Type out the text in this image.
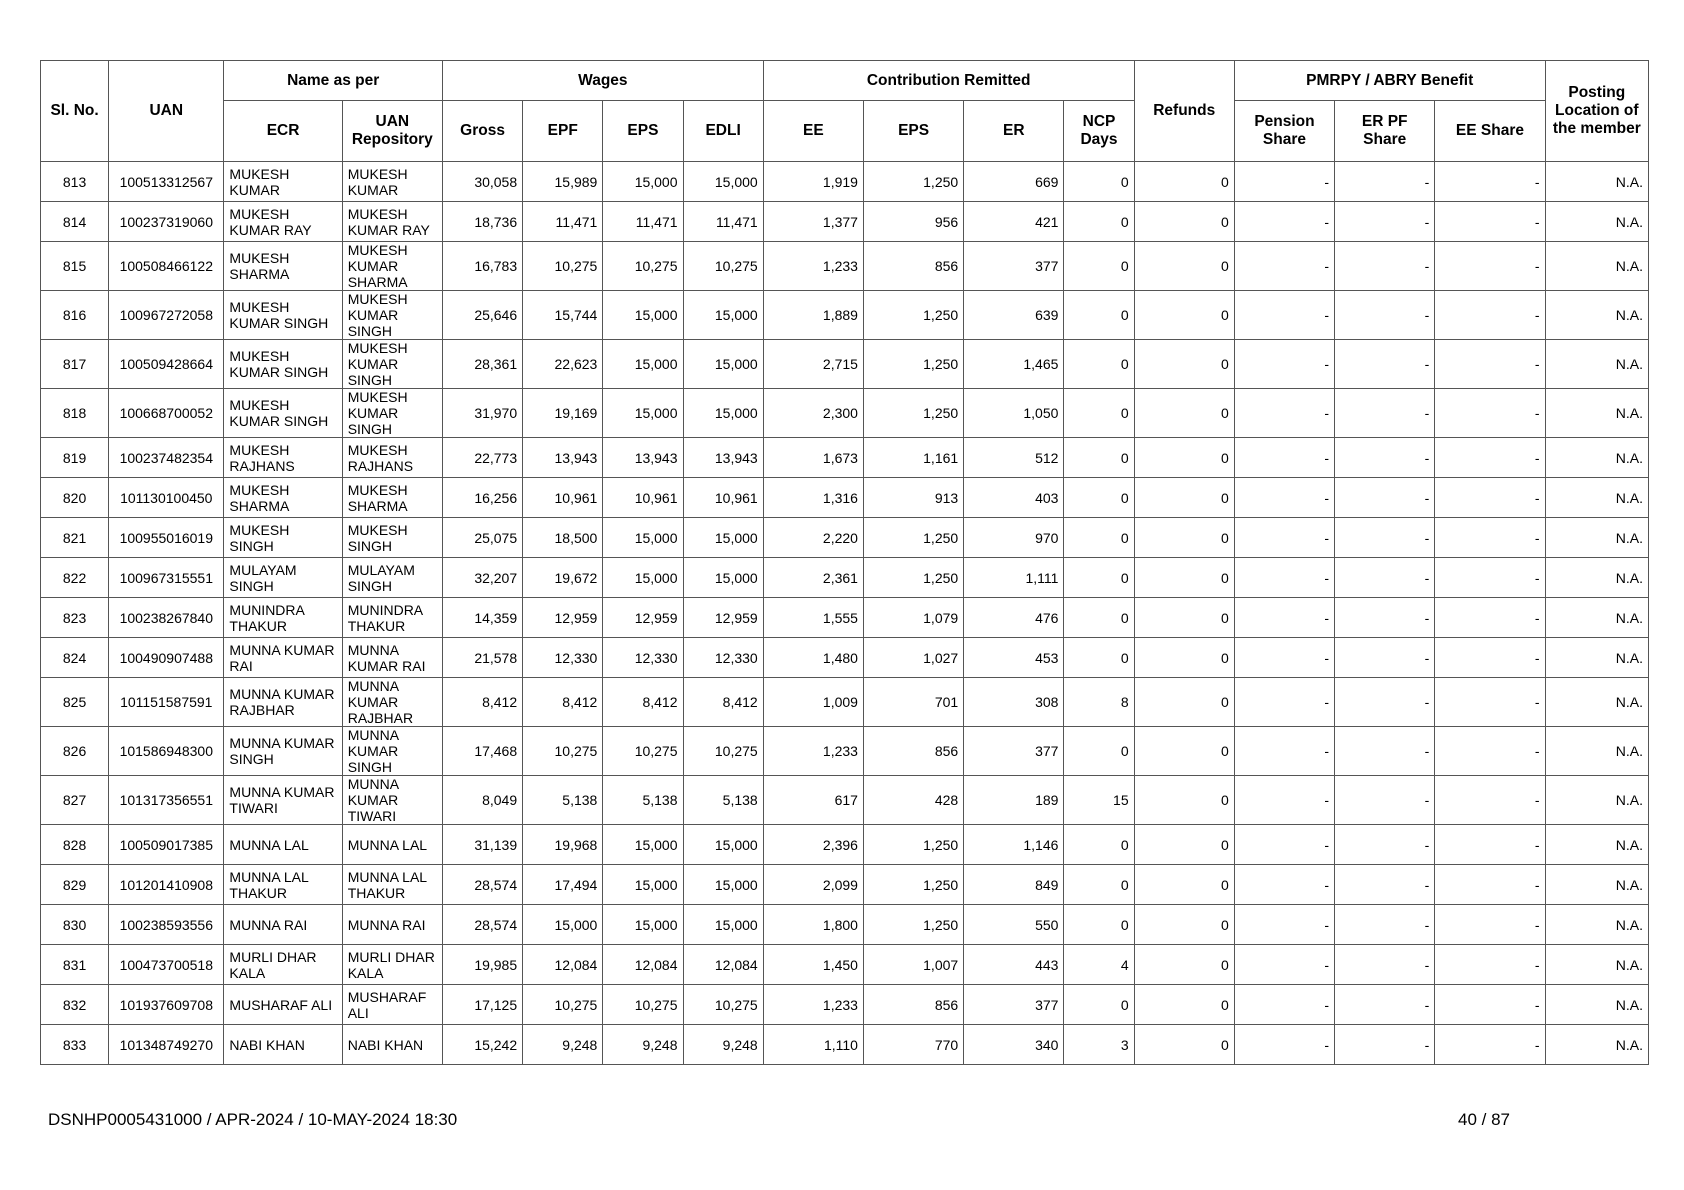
Sl. No.	UAN	Name as per		Wages				Contribution Remitted				Refunds	PMRPY / ABRY Benefit			Posting Location of the member
		ECR	UAN Repository	Gross	EPF	EPS	EDLI	EE	EPS	ER	NCP Days		Pension Share	ER PF Share	EE Share	
813	100513312567	MUKESH KUMAR	MUKESH KUMAR	30,058	15,989	15,000	15,000	1,919	1,250	669	0	0	-	-	-	N.A.
814	100237319060	MUKESH KUMAR RAY	MUKESH KUMAR RAY	18,736	11,471	11,471	11,471	1,377	956	421	0	0	-	-	-	N.A.
815	100508466122	MUKESH SHARMA	MUKESH KUMAR SHARMA	16,783	10,275	10,275	10,275	1,233	856	377	0	0	-	-	-	N.A.
816	100967272058	MUKESH KUMAR SINGH	MUKESH KUMAR SINGH	25,646	15,744	15,000	15,000	1,889	1,250	639	0	0	-	-	-	N.A.
817	100509428664	MUKESH KUMAR SINGH	MUKESH KUMAR SINGH	28,361	22,623	15,000	15,000	2,715	1,250	1,465	0	0	-	-	-	N.A.
818	100668700052	MUKESH KUMAR SINGH	MUKESH KUMAR SINGH	31,970	19,169	15,000	15,000	2,300	1,250	1,050	0	0	-	-	-	N.A.
819	100237482354	MUKESH RAJHANS	MUKESH RAJHANS	22,773	13,943	13,943	13,943	1,673	1,161	512	0	0	-	-	-	N.A.
820	101130100450	MUKESH SHARMA	MUKESH SHARMA	16,256	10,961	10,961	10,961	1,316	913	403	0	0	-	-	-	N.A.
821	100955016019	MUKESH SINGH	MUKESH SINGH	25,075	18,500	15,000	15,000	2,220	1,250	970	0	0	-	-	-	N.A.
822	100967315551	MULAYAM SINGH	MULAYAM SINGH	32,207	19,672	15,000	15,000	2,361	1,250	1,111	0	0	-	-	-	N.A.
823	100238267840	MUNINDRA THAKUR	MUNINDRA THAKUR	14,359	12,959	12,959	12,959	1,555	1,079	476	0	0	-	-	-	N.A.
824	100490907488	MUNNA KUMAR RAI	MUNNA KUMAR RAI	21,578	12,330	12,330	12,330	1,480	1,027	453	0	0	-	-	-	N.A.
825	101151587591	MUNNA KUMAR RAJBHAR	MUNNA KUMAR RAJBHAR	8,412	8,412	8,412	8,412	1,009	701	308	8	0	-	-	-	N.A.
826	101586948300	MUNNA KUMAR SINGH	MUNNA KUMAR SINGH	17,468	10,275	10,275	10,275	1,233	856	377	0	0	-	-	-	N.A.
827	101317356551	MUNNA KUMAR TIWARI	MUNNA KUMAR TIWARI	8,049	5,138	5,138	5,138	617	428	189	15	0	-	-	-	N.A.
828	100509017385	MUNNA LAL	MUNNA LAL	31,139	19,968	15,000	15,000	2,396	1,250	1,146	0	0	-	-	-	N.A.
829	101201410908	MUNNA LAL THAKUR	MUNNA LAL THAKUR	28,574	17,494	15,000	15,000	2,099	1,250	849	0	0	-	-	-	N.A.
830	100238593556	MUNNA RAI	MUNNA RAI	28,574	15,000	15,000	15,000	1,800	1,250	550	0	0	-	-	-	N.A.
831	100473700518	MURLI DHAR KALA	MURLI DHAR KALA	19,985	12,084	12,084	12,084	1,450	1,007	443	4	0	-	-	-	N.A.
832	101937609708	MUSHARAF ALI	MUSHARAF ALI	17,125	10,275	10,275	10,275	1,233	856	377	0	0	-	-	-	N.A.
833	101348749270	NABI KHAN	NABI KHAN	15,242	9,248	9,248	9,248	1,110	770	340	3	0	-	-	-	N.A.
DSNHP0005431000 / APR-2024 / 10-MAY-2024 18:30	40 / 87
